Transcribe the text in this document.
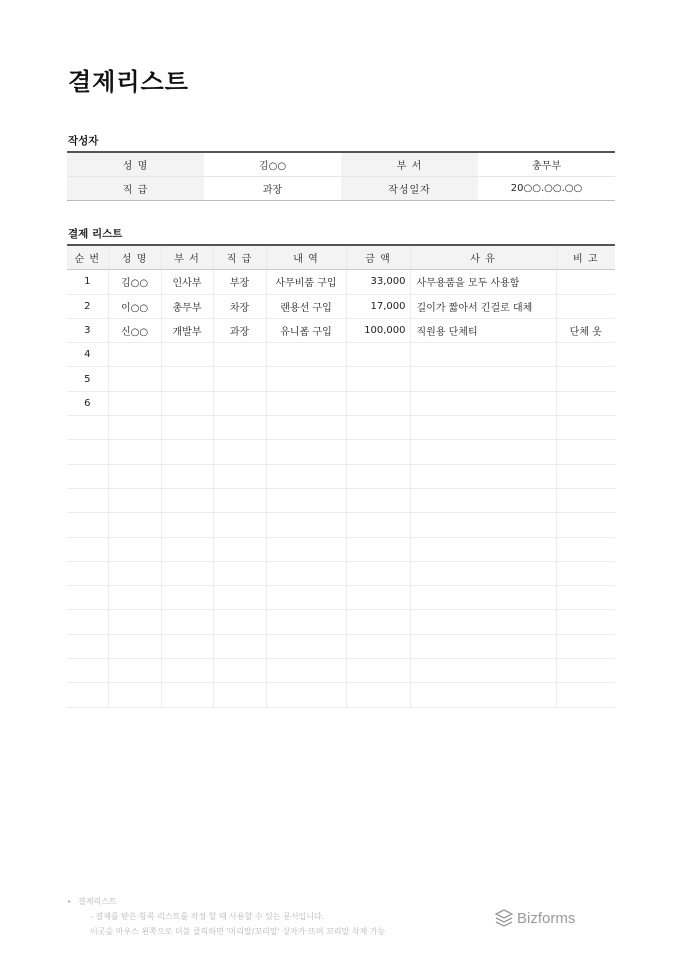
결제리스트
작성자
성 명	김○○	부 서	총무부
직 급	과장	작성일자	20○○.○○.○○
결제 리스트
순 번	성 명	부 서	직 급	내 역	금 액	사 유	비 고
1	김○○	인사부	부장	사무비품 구입	33,000	사무용품을 모두 사용함	
2	이○○	총무부	차장	랜용선 구입	17,000	길이가 짧아서 긴걸로 대체	
3	신○○	개발부	과장	유니폼 구입	100,000	직원용 단체티	단체 옷
4							
5							
6							

▸ 결제리스트
- 결제를 받은 항목 리스트를 작성 할 때 사용할 수 있는 문서입니다.
이곳을 마우스 왼쪽으로 더블 클릭하면 '머리말/꼬리말' 상자가 뜨며 꼬리말 삭제 가능
Bizforms
